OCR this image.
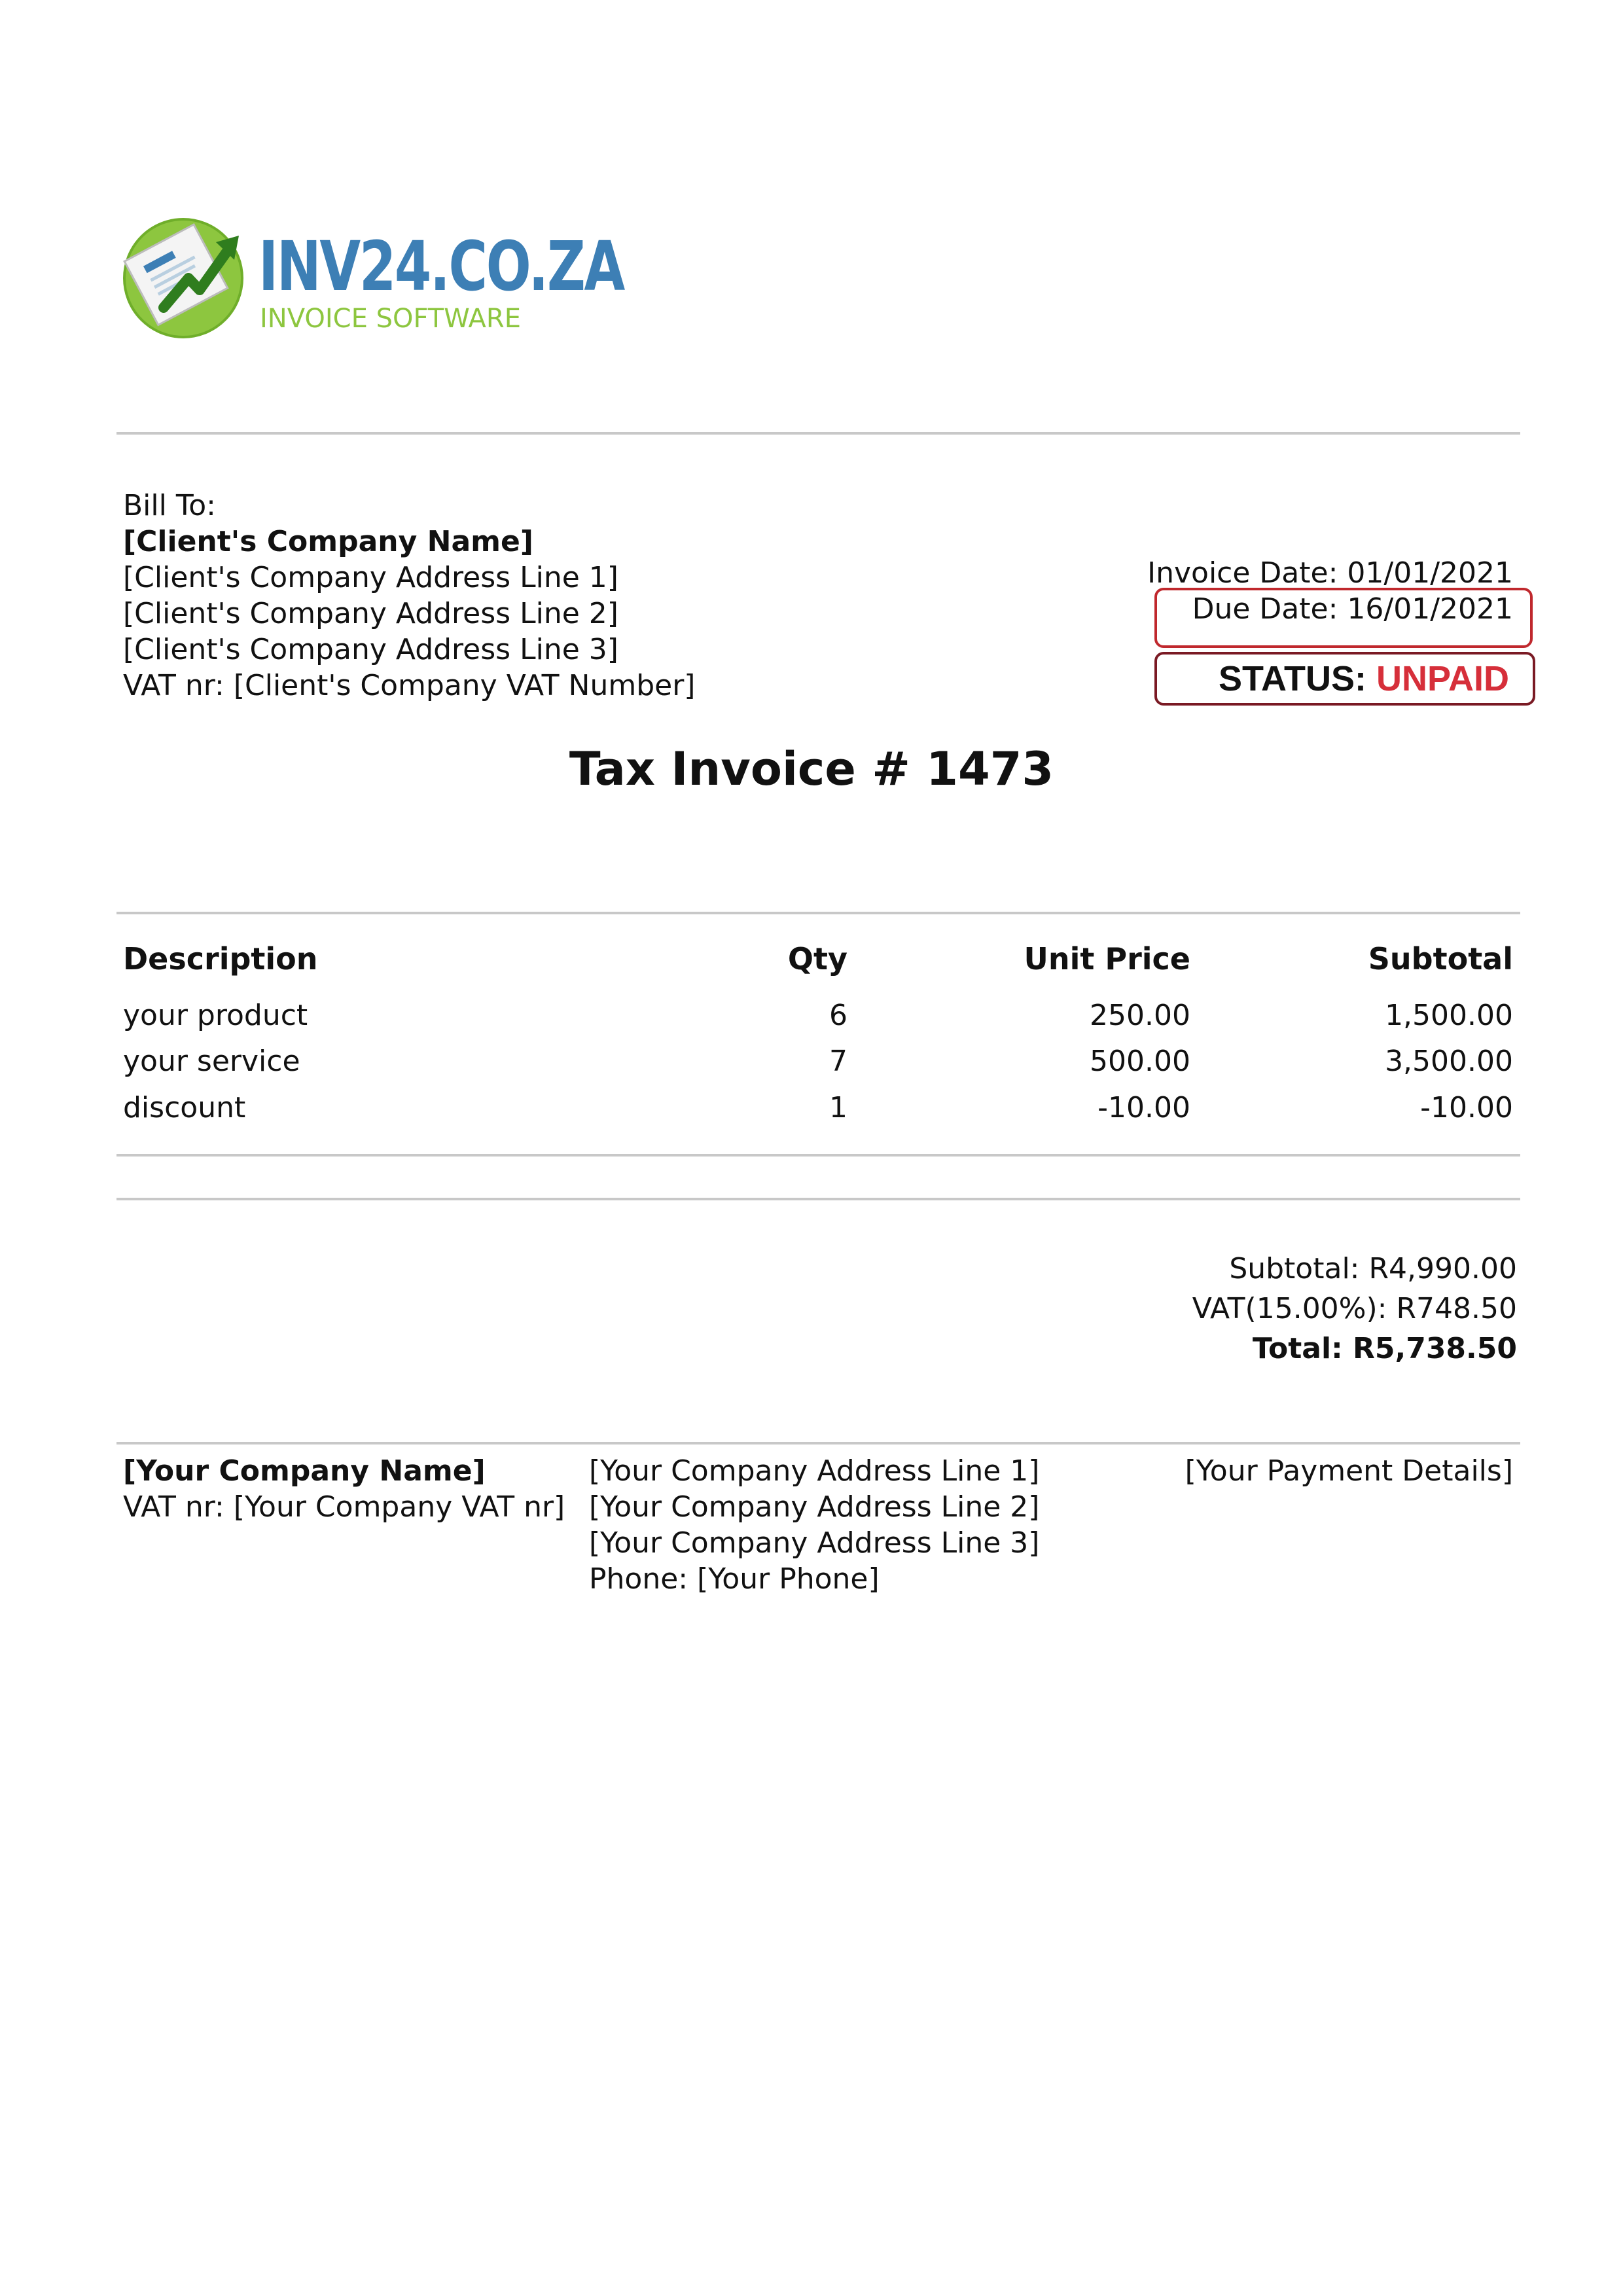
INV24.CO.ZA
INVOICE SOFTWARE
Bill To:
[Client's Company Name]
[Client's Company Address Line 1]
[Client's Company Address Line 2]
[Client's Company Address Line 3]
VAT nr: [Client's Company VAT Number]
Invoice Date: 01/01/2021
Due Date: 16/01/2021
STATUS: UNPAID
Tax Invoice # 1473
Description	Qty	Unit Price	Subtotal
your product	6	250.00	1,500.00
your service	7	500.00	3,500.00
discount	1	-10.00	-10.00
Subtotal: R4,990.00
VAT(15.00%): R748.50
Total: R5,738.50
[Your Company Name]
VAT nr: [Your Company VAT nr]
[Your Company Address Line 1]
[Your Company Address Line 2]
[Your Company Address Line 3]
Phone: [Your Phone]
[Your Payment Details]
